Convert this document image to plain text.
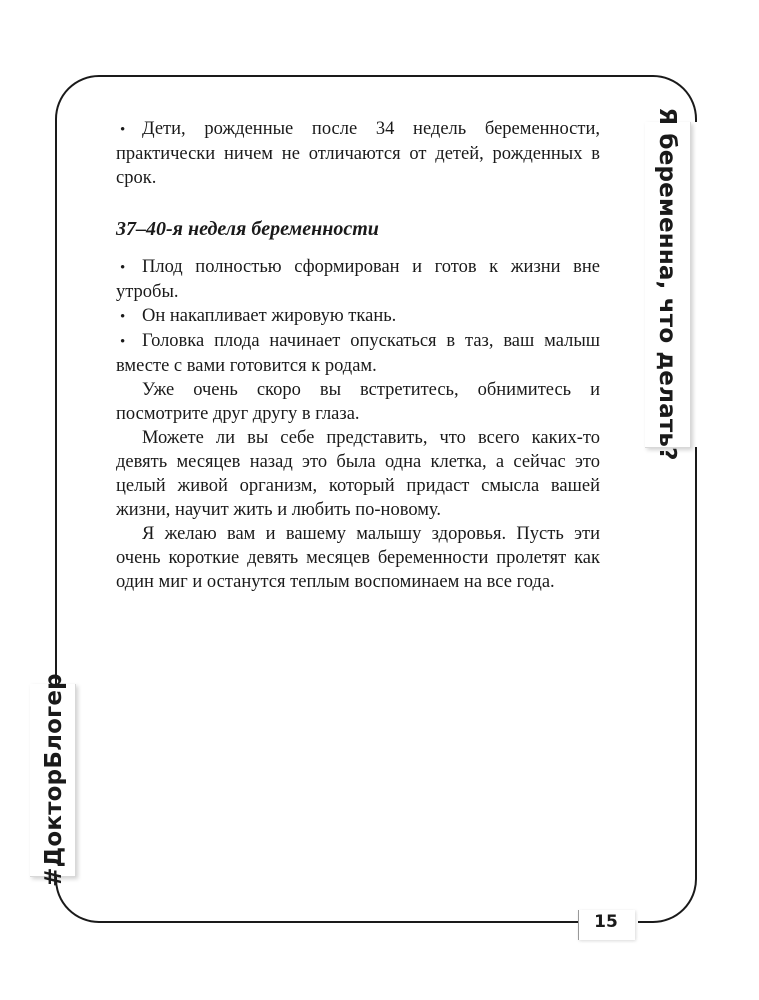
Я беременна, что делать?
#ДокторБлогер
15

• Дети, рожденные после 34 недель беременности, практически ничем не отличаются от детей, рожденных в срок.

37–40-я неделя беременности

• Плод полностью сформирован и готов к жизни вне утробы.

• Он накапливает жировую ткань.

• Головка плода начинает опускаться в таз, ваш малыш вместе с вами готовится к родам.

Уже очень скоро вы встретитесь, обнимитесь и посмотрите друг другу в глаза.

Можете ли вы себе представить, что всего каких-то девять месяцев назад это была одна клетка, а сейчас это целый живой организм, который придаст смысла вашей жизни, научит жить и любить по-новому.

Я желаю вам и вашему малышу здоровья. Пусть эти очень короткие девять месяцев беременности пролетят как один миг и останутся теплым воспоминаем на все года.
